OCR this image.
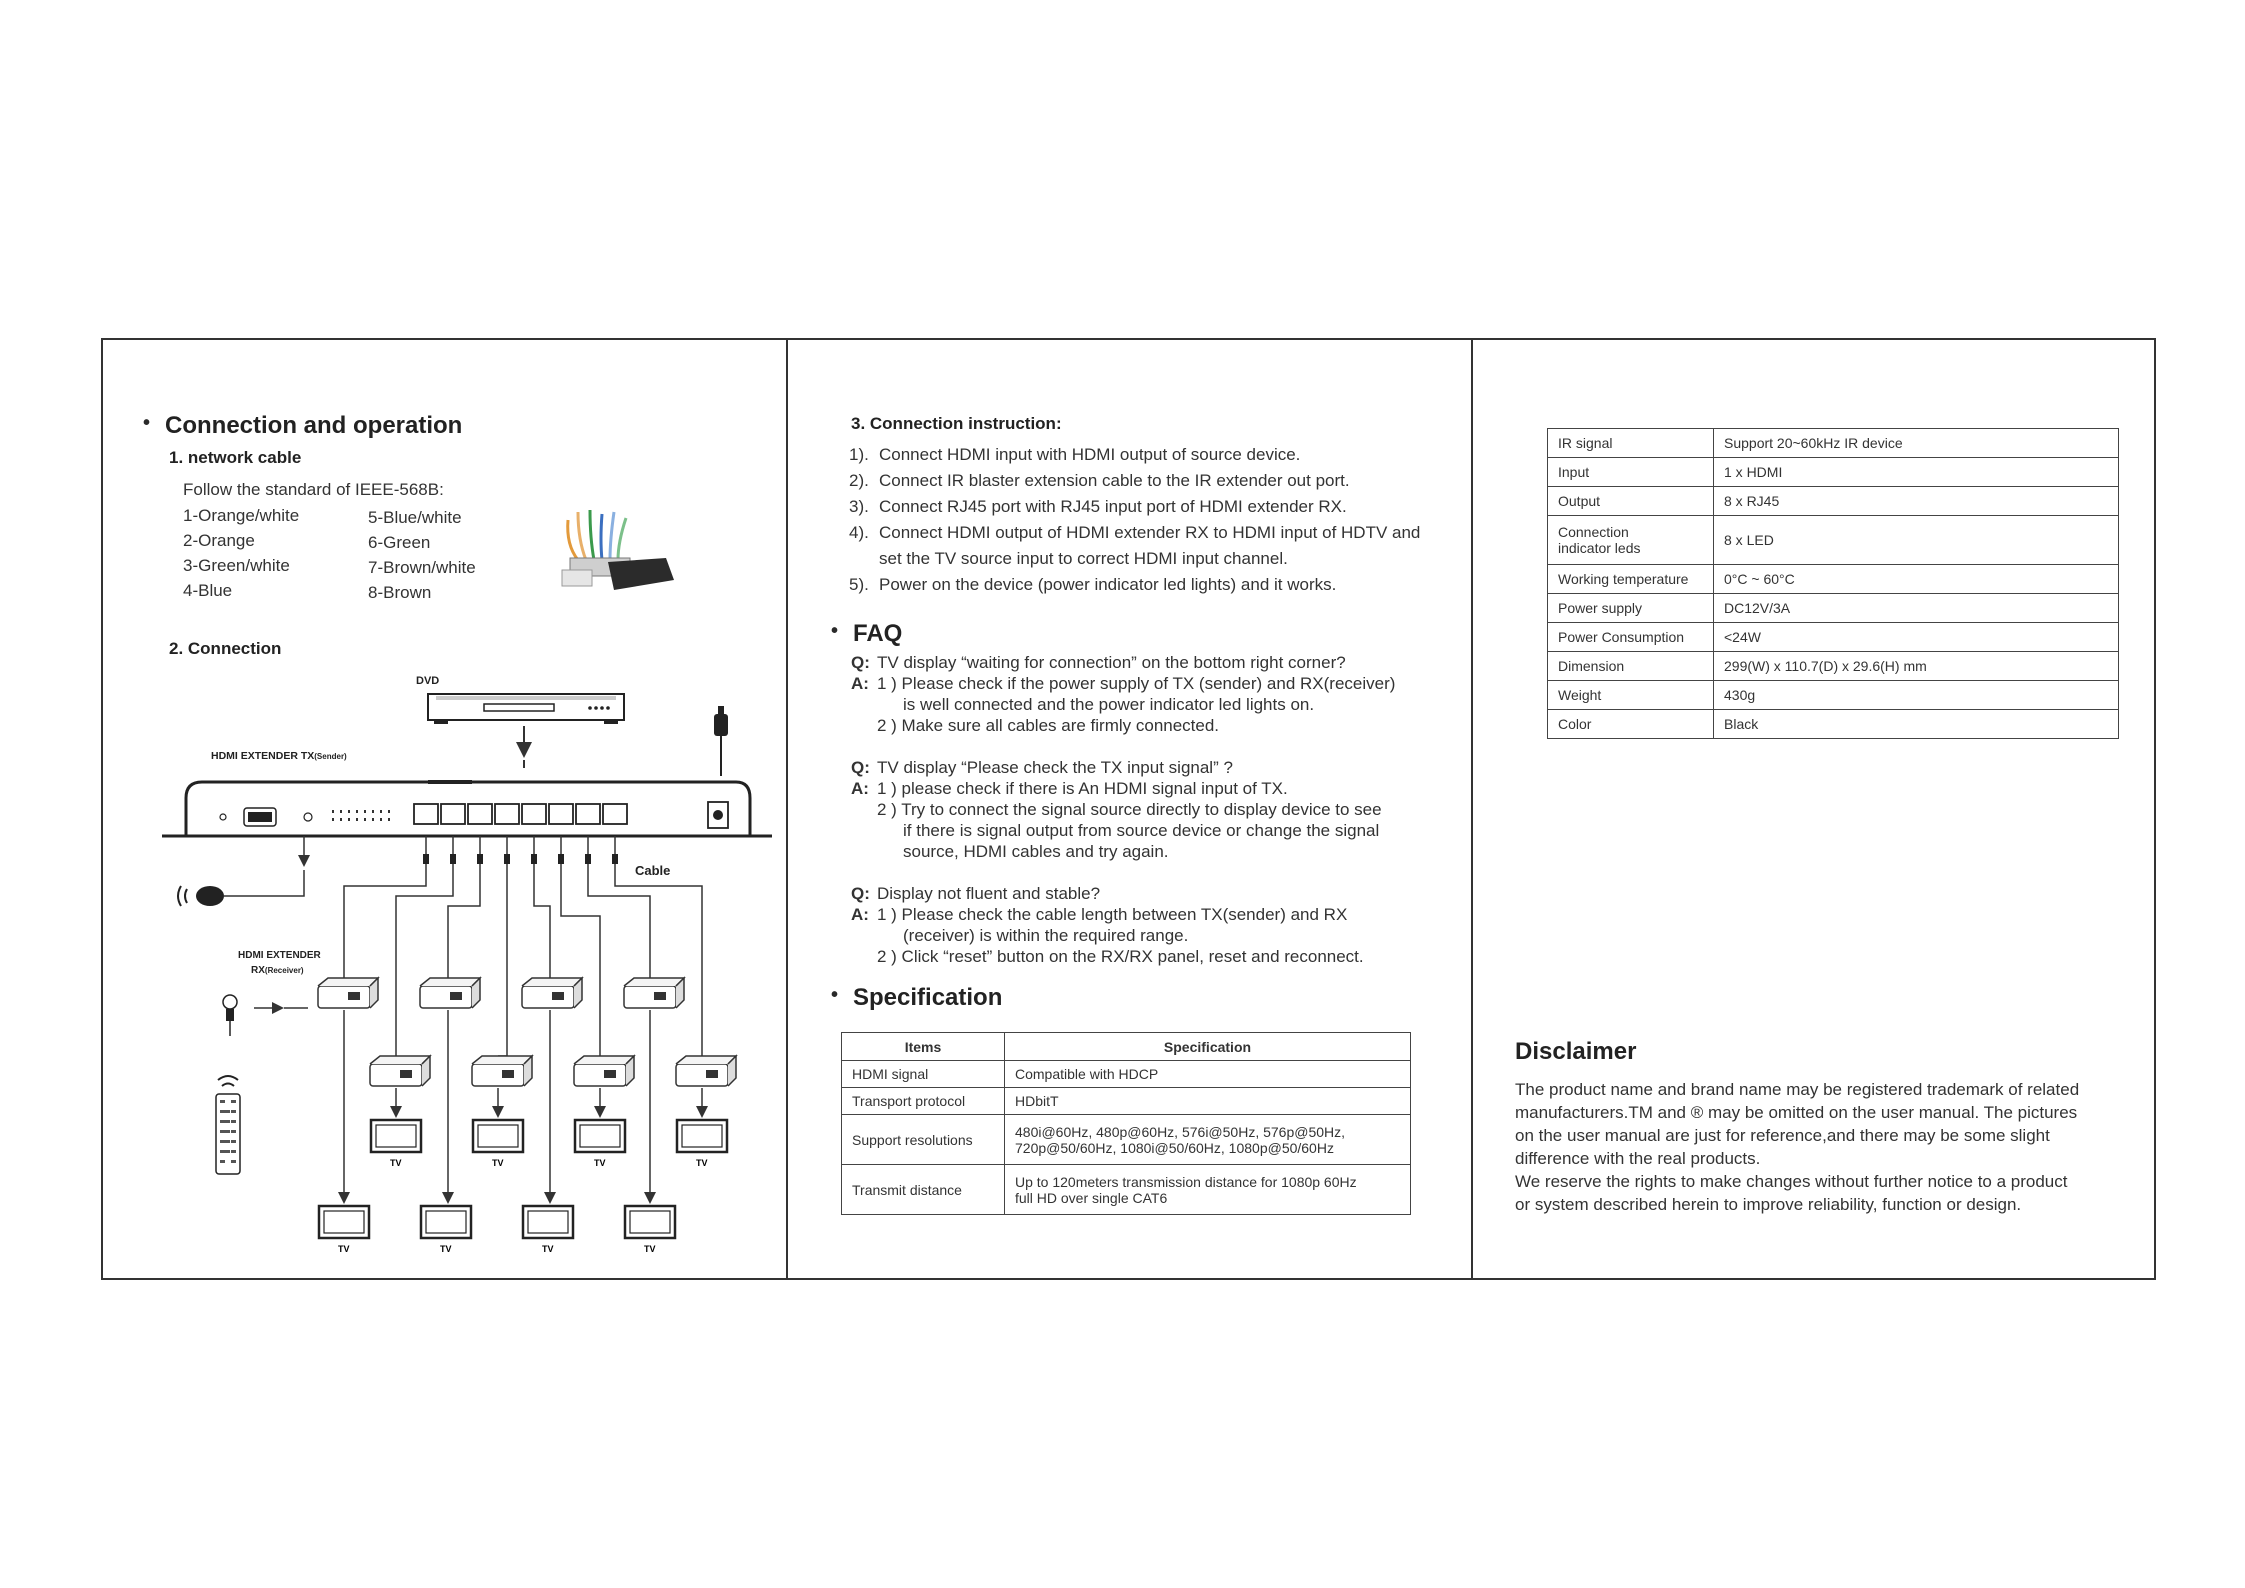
• Connection and operation
1. network cable
Follow the standard of IEEE-568B:
1-Orange/white
2-Orange
3-Green/white
4-Blue
5-Blue/white
6-Green
7-Brown/white
8-Brown
2. Connection
DVD
HDMI EXTENDER TX(Sender)
Cable
HDMI EXTENDER
RX(Receiver)
TV	TV	TV	TV
TV	TV	TV	TV
3. Connection instruction:
1). Connect HDMI input with HDMI output of source device.
2). Connect IR blaster extension cable to the IR extender out port.
3). Connect RJ45 port with RJ45 input port of HDMI extender RX.
4). Connect HDMI output of HDMI extender RX to HDMI input of HDTV and
set the TV source input to correct HDMI input channel.
5). Power on the device (power indicator led lights) and it works.
• FAQ
Q: TV display “waiting for connection” on the bottom right corner?
A: 1 ) Please check if the power supply of TX (sender) and RX(receiver)
is well connected and the power indicator led lights on.
2 ) Make sure all cables are firmly connected.
Q: TV display “Please check the TX input signal” ?
A: 1 ) please check if there is An HDMI signal input of TX.
2 ) Try to connect the signal source directly to display device to see
if there is signal output from source device or change the signal
source, HDMI cables and try again.
Q: Display not fluent and stable?
A: 1 ) Please check the cable length between TX(sender) and RX
(receiver) is within the required range.
2 ) Click “reset” button on the RX/RX panel, reset and reconnect.
• Specification
Items	Specification
HDMI signal	Compatible with HDCP
Transport protocol	HDbitT
Support resolutions	480i@60Hz, 480p@60Hz, 576i@50Hz, 576p@50Hz,
720p@50/60Hz, 1080i@50/60Hz, 1080p@50/60Hz

Transmit distance	Up to 120meters transmission distance for 1080p 60Hz
full HD over single CAT6
IR signal	Support 20~60kHz IR device
Input	1 x HDMI
Output	8 x RJ45

Connection
indicator leds	8 x LED
Working temperature	0°C ~ 60°C
Power supply	DC12V/3A
Power Consumption	<24W
Dimension	299(W) x 110.7(D) x 29.6(H) mm
Weight	430g
Color	Black
Disclaimer
The product name and brand name may be registered trademark of related
manufacturers.TM and ® may be omitted on the user manual. The pictures
on the user manual are just for reference,and there may be some slight
difference with the real products.
We reserve the rights to make changes without further notice to a product
or system described herein to improve reliability, function or design.
